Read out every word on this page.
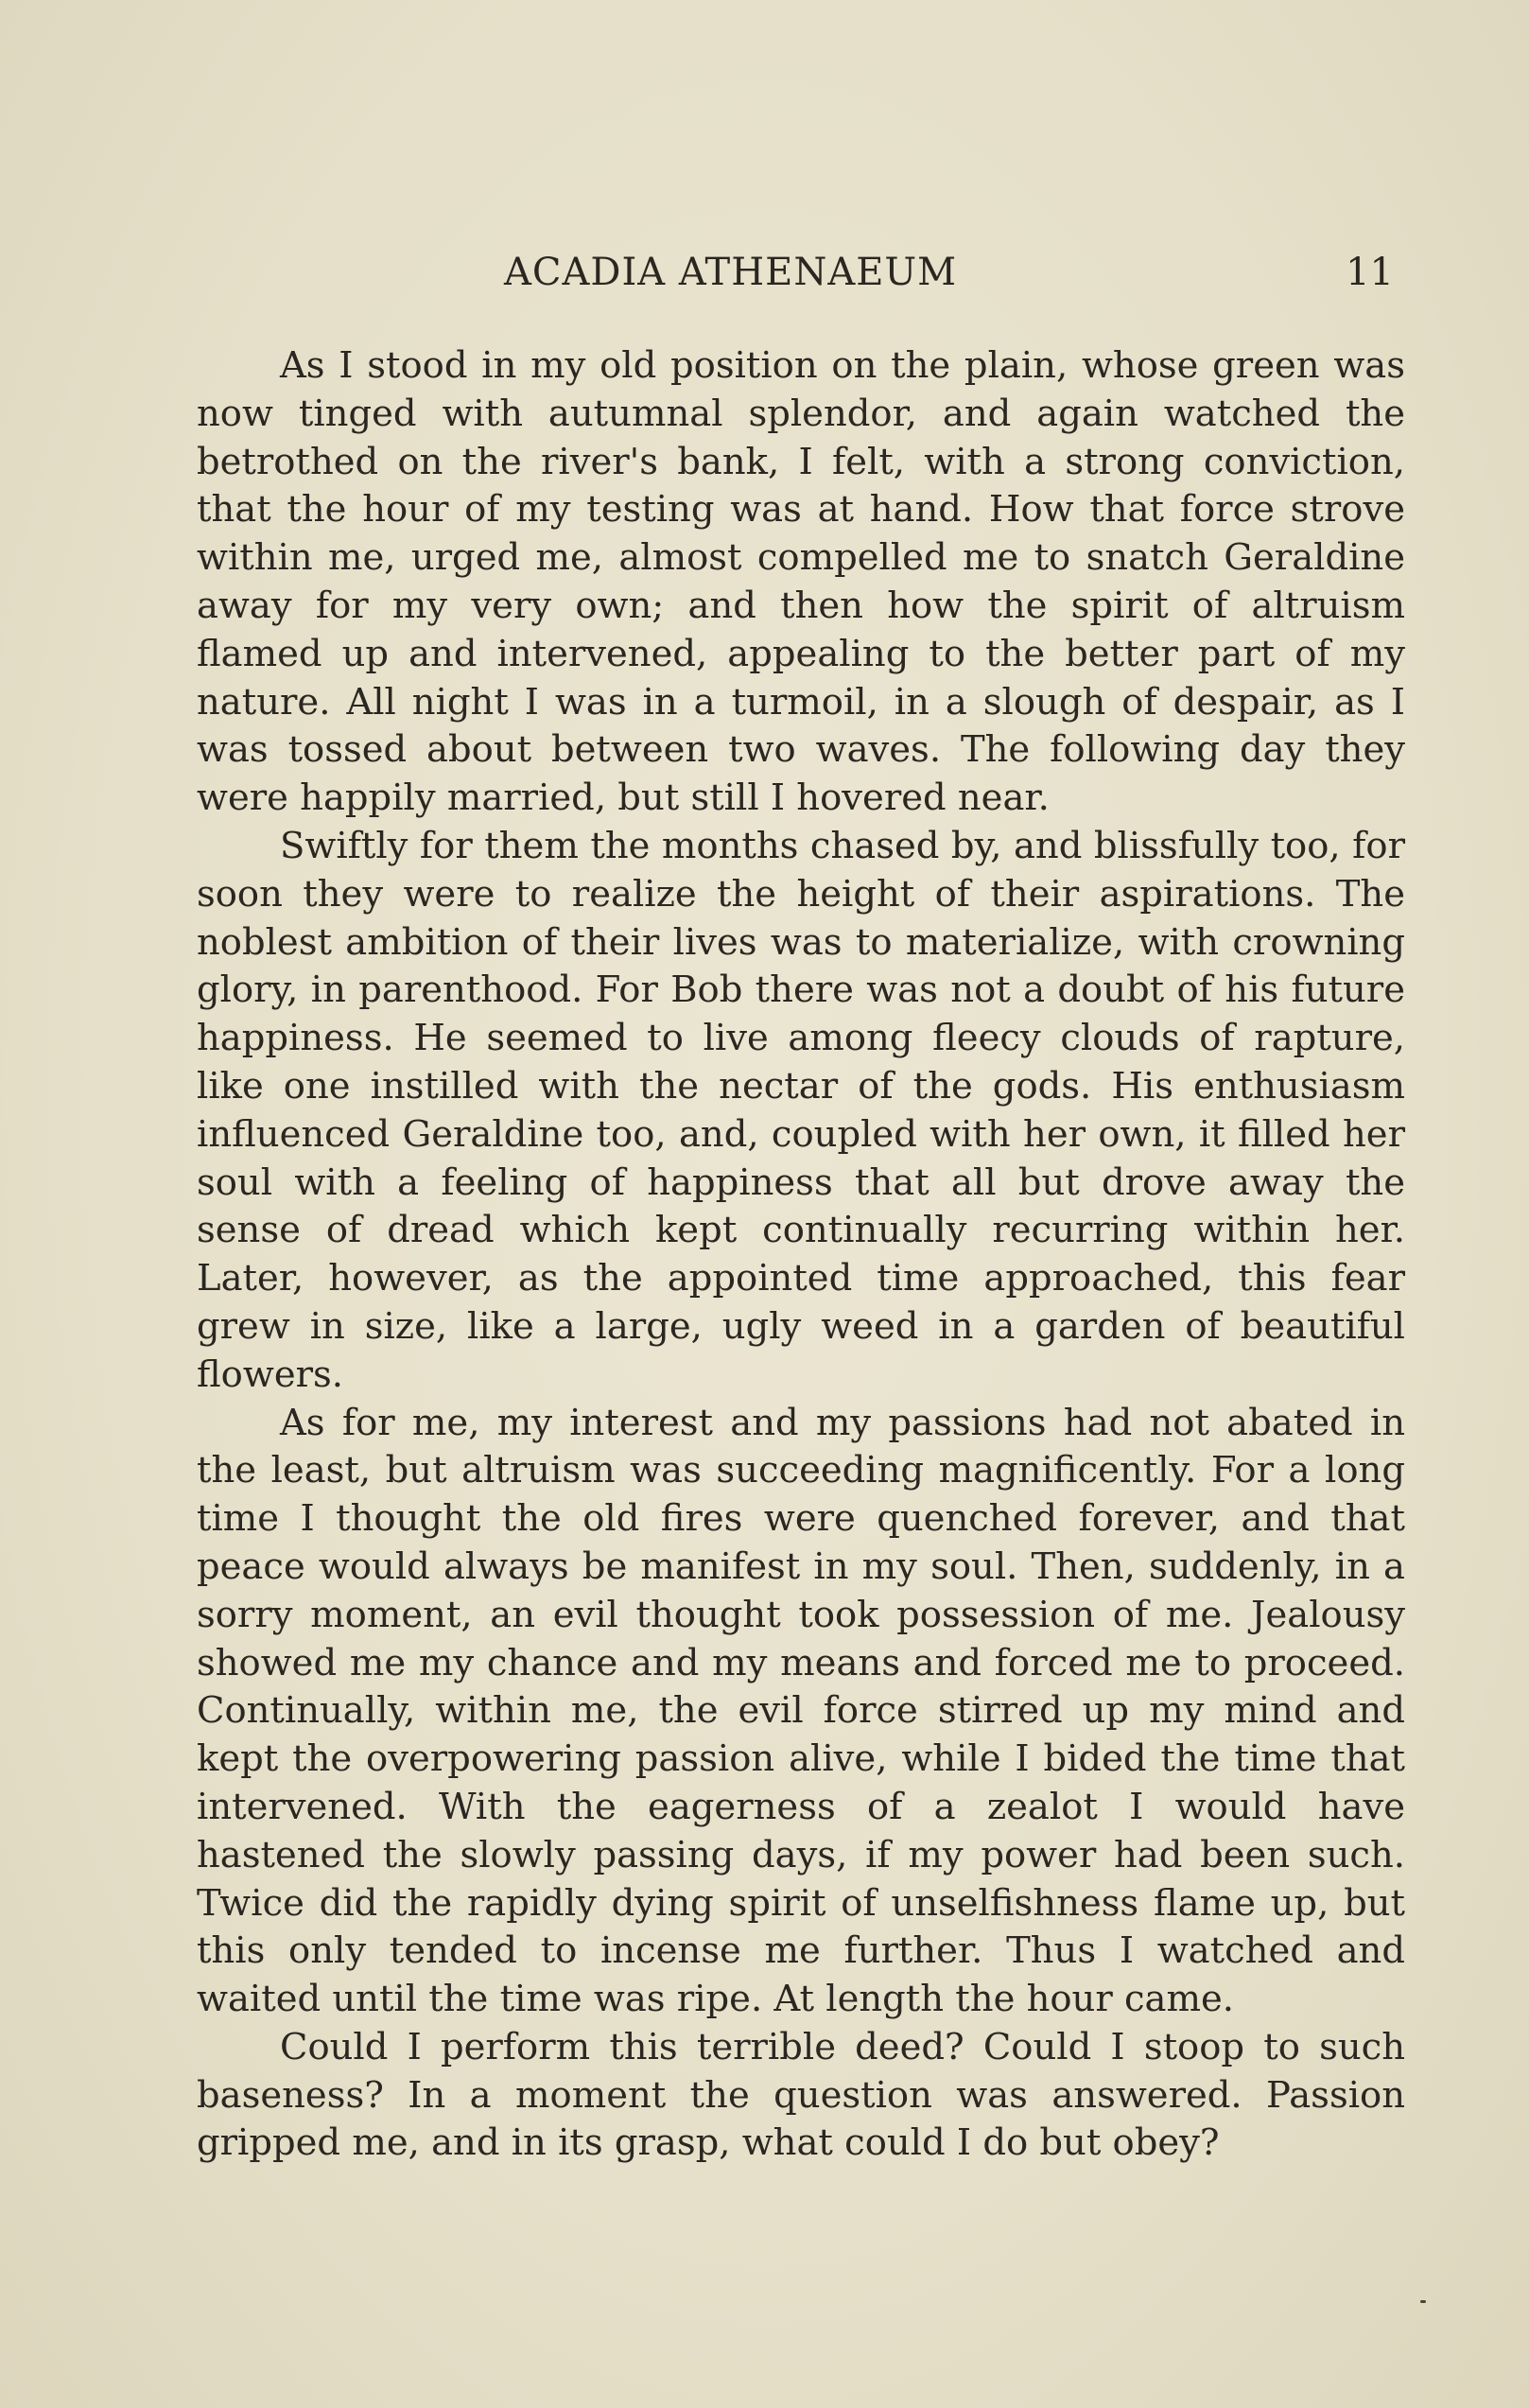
ACADIA ATHENAEUM	11

As I stood in my old position on the plain, whose green was now tinged with autumnal splendor, and again watched the betrothed on the river's bank, I felt, with a strong conviction, that the hour of my testing was at hand. How that force strove within me, urged me, almost compelled me to snatch Geraldine away for my very own; and then how the spirit of altruism flamed up and intervened, appealing to the better part of my nature. All night I was in a turmoil, in a slough of despair, as I was tossed about between two waves. The following day they were happily married, but still I hovered near.

Swiftly for them the months chased by, and blissfully too, for soon they were to realize the height of their aspirations. The noblest ambition of their lives was to materialize, with crowning glory, in parenthood. For Bob there was not a doubt of his future happiness. He seemed to live among fleecy clouds of rapture, like one instilled with the nectar of the gods. His enthusiasm influenced Geraldine too, and, coupled with her own, it filled her soul with a feeling of happiness that all but drove away the sense of dread which kept continually recurring within her. Later, however, as the appointed time approached, this fear grew in size, like a large, ugly weed in a garden of beautiful flowers.

As for me, my interest and my passions had not abated in the least, but altruism was succeeding magnificently. For a long time I thought the old fires were quenched forever, and that peace would always be manifest in my soul. Then, suddenly, in a sorry moment, an evil thought took possession of me. Jealousy showed me my chance and my means and forced me to proceed. Continually, within me, the evil force stirred up my mind and kept the overpowering passion alive, while I bided the time that intervened. With the eagerness of a zealot I would have hastened the slowly passing days, if my power had been such. Twice did the rapidly dying spirit of unselfishness flame up, but this only tended to incense me further. Thus I watched and waited until the time was ripe. At length the hour came.

Could I perform this terrible deed? Could I stoop to such baseness? In a moment the question was answered. Passion gripped me, and in its grasp, what could I do but obey?
